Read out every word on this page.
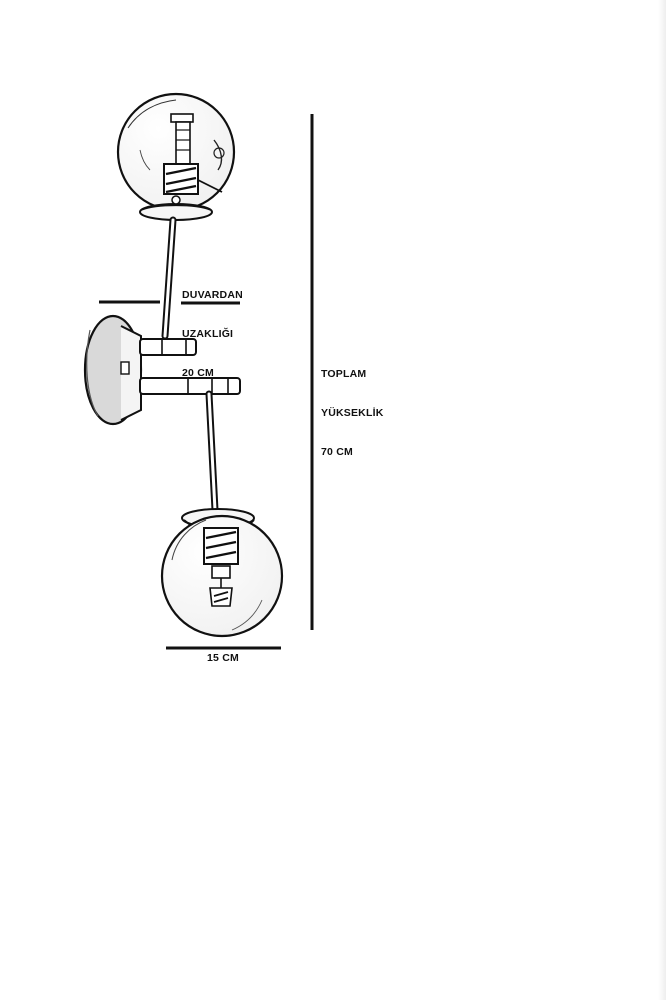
DUVARDAN

UZAKLIĞI

20 CM

	TOPLAM

YÜKSEKLİK

70 CM

15 CM
